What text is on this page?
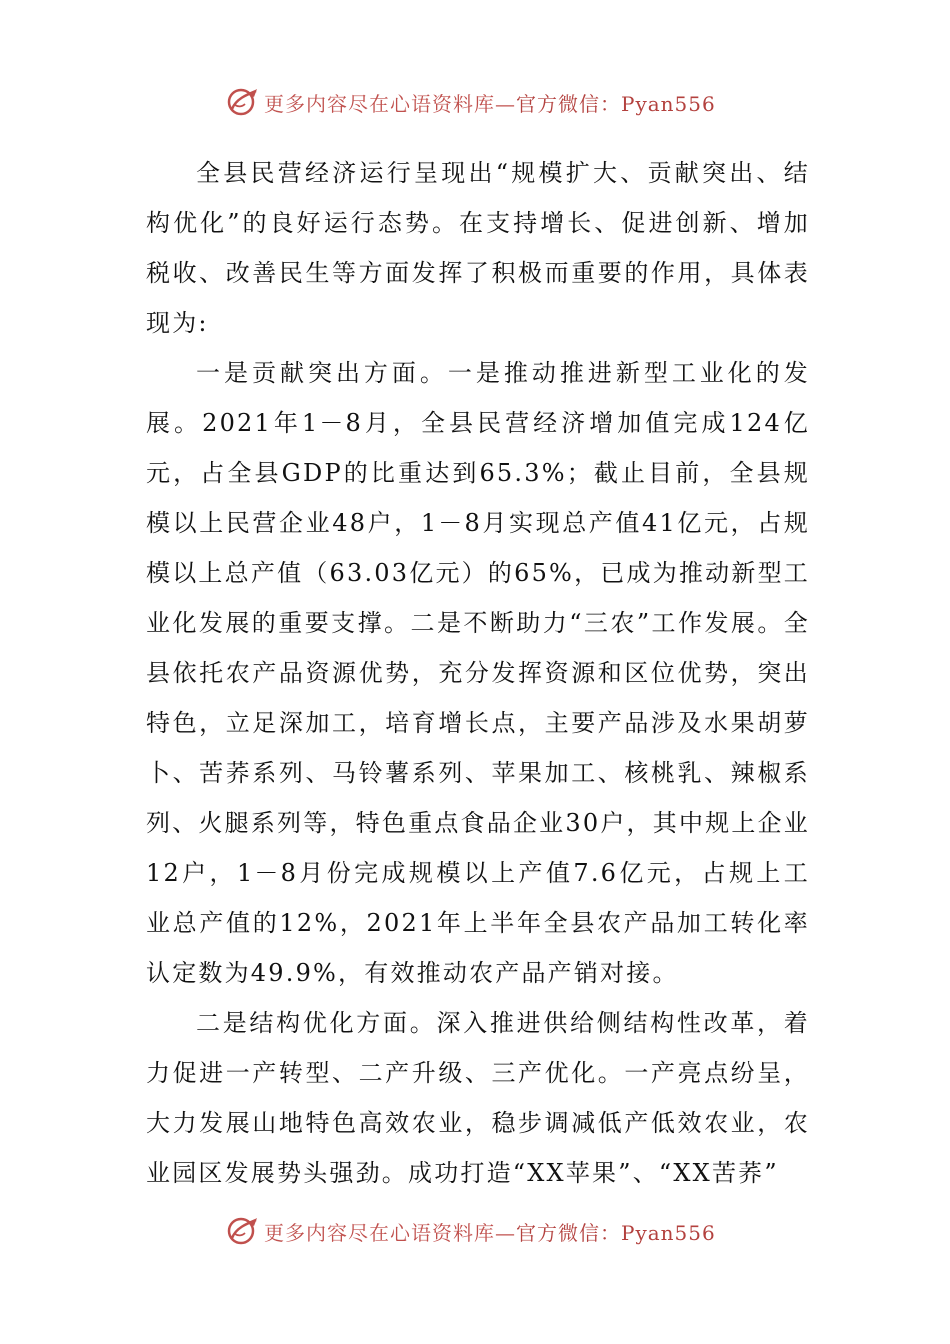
更多内容尽在心语资料库—官方微信：Pyan556

全县民营经济运行呈现出“规模扩大、贡献突出、结构优化”的良好运行态势。在支持增长、促进创新、增加税收、改善民生等方面发挥了积极而重要的作用，具体表现为:

一是贡献突出方面。一是推动推进新型工业化的发展。2021年1－8月，全县民营经济增加值完成124亿元，占全县GDP的比重达到65.3%；截止目前，全县规模以上民营企业48户，1－8月实现总产值41亿元，占规模以上总产值（63.03亿元）的65%，已成为推动新型工业化发展的重要支撑。二是不断助力“三农”工作发展。全县依托农产品资源优势，充分发挥资源和区位优势，突出特色，立足深加工，培育增长点，主要产品涉及水果胡萝卜、苦荞系列、马铃薯系列、苹果加工、核桃乳、辣椒系列、火腿系列等，特色重点食品企业30户，其中规上企业12户，1－8月份完成规模以上产值7.6亿元，占规上工业总产值的12%，2021年上半年全县农产品加工转化率认定数为49.9%，有效推动农产品产销对接。

二是结构优化方面。深入推进供给侧结构性改革，着力促进一产转型、二产升级、三产优化。一产亮点纷呈，大力发展山地特色高效农业，稳步调减低产低效农业，农业园区发展势头强劲。成功打造“XX苹果”、“XX苦荞”

更多内容尽在心语资料库—官方微信：Pyan556
